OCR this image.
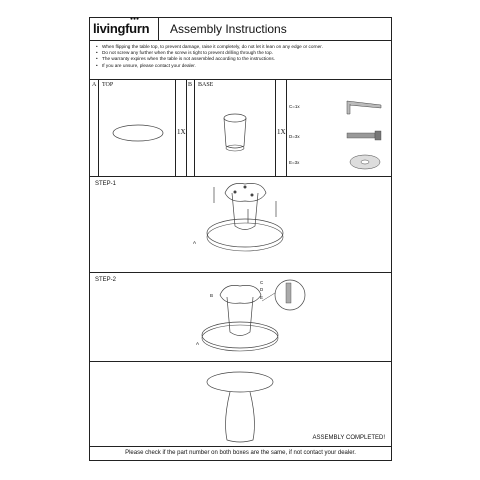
livingfurn
●●●
Assembly Instructions
• When flipping the table top, to prevent damage, raise it completely, do not let it lean on any edge or corner.
• Do not screw any further when the screw is tight to prevent drilling through the top.
• The warranty expires when the table is not assembled according to the instructions.
• If you are unsure, please contact your dealer.
A TOP
1X
B BASE
1X
C=1x
D=3x
E=3x
STEP-1
A
STEP-2
A
B
C
D
E
ASSEMBLY COMPLETED!
Please check if the part number on both boxes are the same, if not contact your dealer.
